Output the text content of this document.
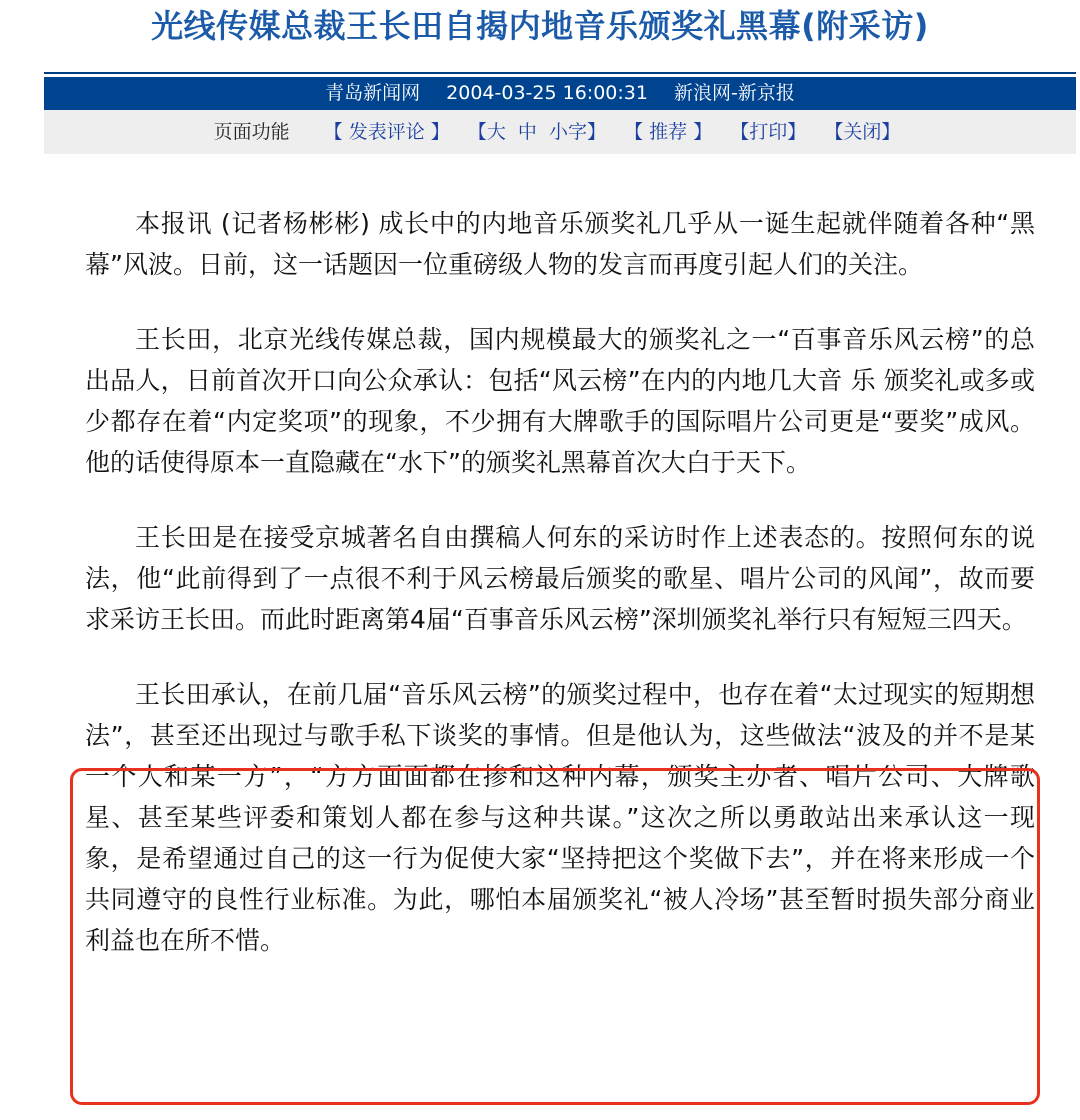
光线传媒总裁王长田自揭内地音乐颁奖礼黑幕(附采访)
青岛新闻网 2004-03-25 16:00:31 新浪网-新京报
页面功能 【 发表评论 】 【大 中 小字】 【 推荐 】 【打印】 【关闭】

本报讯 (记者杨彬彬) 成长中的内地音乐颁奖礼几乎从一诞生起就伴随着各种“黑幕”风波。日前，这一话题因一位重磅级人物的发言而再度引起人们的关注。

王长田，北京光线传媒总裁，国内规模最大的颁奖礼之一“百事音乐风云榜”的总出品人，日前首次开口向公众承认：包括“风云榜”在内的内地几大音 乐 颁奖礼或多或少都存在着“内定奖项”的现象，不少拥有大牌歌手的国际唱片公司更是“要奖”成风。他的话使得原本一直隐藏在“水下”的颁奖礼黑幕首次大白于天下。

王长田是在接受京城著名自由撰稿人何东的采访时作上述表态的。按照何东的说法，他“此前得到了一点很不利于风云榜最后颁奖的歌星、唱片公司的风闻”，故而要求采访王长田。而此时距离第4届“百事音乐风云榜”深圳颁奖礼举行只有短短三四天。

王长田承认，在前几届“音乐风云榜”的颁奖过程中，也存在着“太过现实的短期想法”，甚至还出现过与歌手私下谈奖的事情。但是他认为，这些做法“波及的并不是某一个人和某一方”，“方方面面都在掺和这种内幕，颁奖主办者、唱片公司、大牌歌星、甚至某些评委和策划人都在参与这种共谋。”这次之所以勇敢站出来承认这一现象，是希望通过自己的这一行为促使大家“坚持把这个奖做下去”，并在将来形成一个共同遵守的良性行业标准。为此，哪怕本届颁奖礼“被人冷场”甚至暂时损失部分商业利益也在所不惜。
